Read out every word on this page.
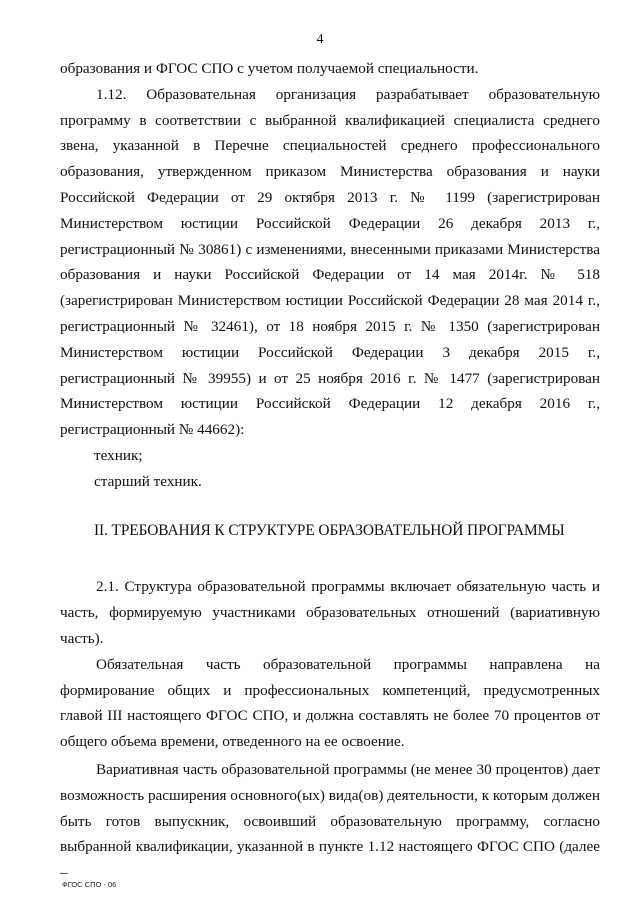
4

образования и ФГОС СПО с учетом получаемой специальности.

1.12. Образовательная организация разрабатывает образовательную программу в соответствии с выбранной квалификацией специалиста среднего звена, указанной в Перечне специальностей среднего профессионального образования, утвержденном приказом Министерства образования и науки Российской Федерации от 29 октября 2013 г. № 1199 (зарегистрирован Министерством юстиции Российской Федерации 26 декабря 2013 г., регистрационный № 30861) с изменениями, внесенными приказами Министерства образования и науки Российской Федерации от 14 мая 2014г. № 518 (зарегистрирован Министерством юстиции Российской Федерации 28 мая 2014 г., регистрационный № 32461), от 18 ноября 2015 г. № 1350 (зарегистрирован Министерством юстиции Российской Федерации 3 декабря 2015 г., регистрационный № 39955) и от 25 ноября 2016 г. № 1477 (зарегистрирован Министерством юстиции Российской Федерации 12 декабря 2016 г., регистрационный № 44662):

техник;

старший техник.

II. ТРЕБОВАНИЯ К СТРУКТУРЕ ОБРАЗОВАТЕЛЬНОЙ ПРОГРАММЫ

2.1. Структура образовательной программы включает обязательную часть и часть, формируемую участниками образовательных отношений (вариативную часть).

Обязательная часть образовательной программы направлена на формирование общих и профессиональных компетенций, предусмотренных главой III настоящего ФГОС СПО, и должна составлять не более 70 процентов от общего объема времени, отведенного на ее освоение.

Вариативная часть образовательной программы (не менее 30 процентов) дает возможность расширения основного(ых) вида(ов) деятельности, к которым должен быть готов выпускник, освоивший образовательную программу, согласно выбранной квалификации, указанной в пункте 1.12 настоящего ФГОС СПО (далее –

ФГОС СПО - 06
